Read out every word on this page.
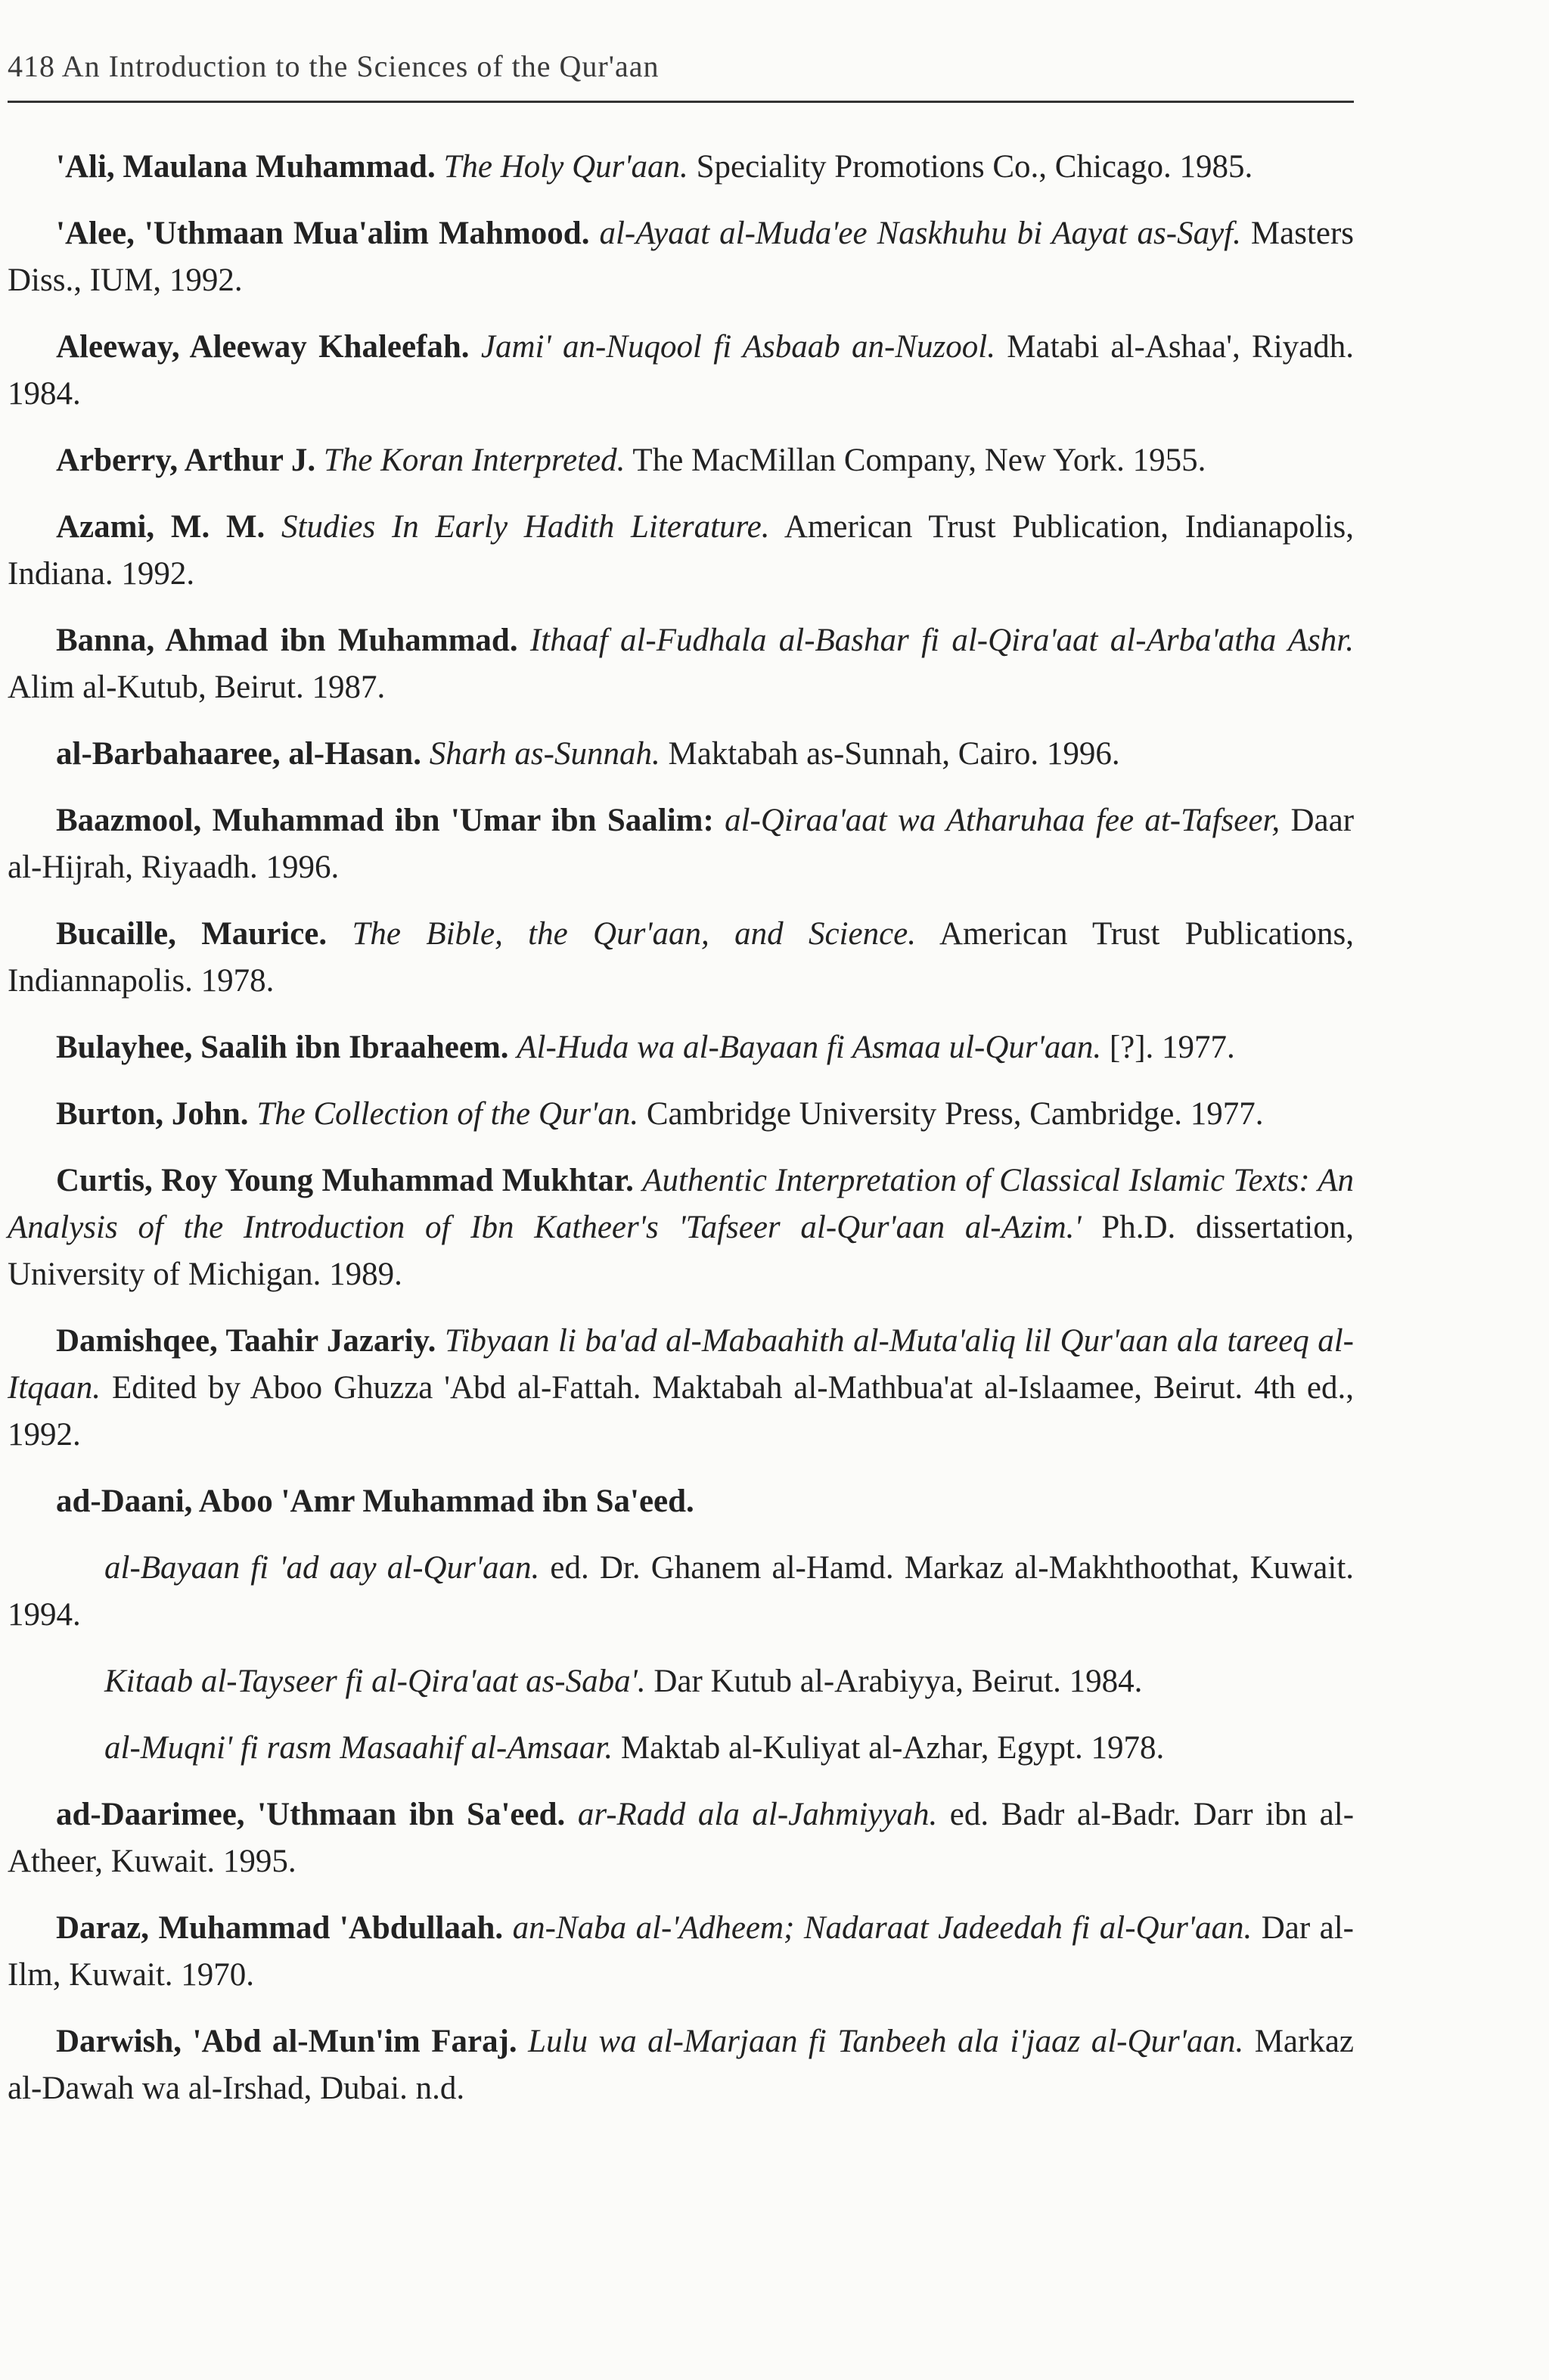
418 An Introduction to the Sciences of the Qur'aan

'Ali, Maulana Muhammad. The Holy Qur'aan. Speciality Promotions Co., Chicago. 1985.

'Alee, 'Uthmaan Mua'alim Mahmood. al-Ayaat al-Muda'ee Naskhuhu bi Aayat as-Sayf. Masters Diss., IUM, 1992.

Aleeway, Aleeway Khaleefah. Jami' an-Nuqool fi Asbaab an-Nuzool. Matabi al-Ashaa', Riyadh. 1984.

Arberry, Arthur J. The Koran Interpreted. The MacMillan Company, New York. 1955.

Azami, M. M. Studies In Early Hadith Literature. American Trust Publication, Indianapolis, Indiana. 1992.

Banna, Ahmad ibn Muhammad. Ithaaf al-Fudhala al-Bashar fi al-Qira'aat al-Arba'atha Ashr. Alim al-Kutub, Beirut. 1987.

al-Barbahaaree, al-Hasan. Sharh as-Sunnah. Maktabah as-Sunnah, Cairo. 1996.

Baazmool, Muhammad ibn 'Umar ibn Saalim: al-Qiraa'aat wa Atharuhaa fee at-Tafseer, Daar al-Hijrah, Riyaadh. 1996.

Bucaille, Maurice. The Bible, the Qur'aan, and Science. American Trust Publications, Indiannapolis. 1978.

Bulayhee, Saalih ibn Ibraaheem. Al-Huda wa al-Bayaan fi Asmaa ul-Qur'aan. [?]. 1977.

Burton, John. The Collection of the Qur'an. Cambridge University Press, Cambridge. 1977.

Curtis, Roy Young Muhammad Mukhtar. Authentic Interpretation of Classical Islamic Texts: An Analysis of the Introduction of Ibn Katheer's 'Tafseer al-Qur'aan al-Azim.' Ph.D. dissertation, University of Michigan. 1989.

Damishqee, Taahir Jazariy. Tibyaan li ba'ad al-Mabaahith al-Muta'aliq lil Qur'aan ala tareeq al-Itqaan. Edited by Aboo Ghuzza 'Abd al-Fattah. Maktabah al-Mathbua'at al-Islaamee, Beirut. 4th ed., 1992.

ad-Daani, Aboo 'Amr Muhammad ibn Sa'eed.

al-Bayaan fi 'ad aay al-Qur'aan. ed. Dr. Ghanem al-Hamd. Markaz al-Makhthoothat, Kuwait. 1994.

Kitaab al-Tayseer fi al-Qira'aat as-Saba'. Dar Kutub al-Arabiyya, Beirut. 1984.

al-Muqni' fi rasm Masaahif al-Amsaar. Maktab al-Kuliyat al-Azhar, Egypt. 1978.

ad-Daarimee, 'Uthmaan ibn Sa'eed. ar-Radd ala al-Jahmiyyah. ed. Badr al-Badr. Darr ibn al-Atheer, Kuwait. 1995.

Daraz, Muhammad 'Abdullaah. an-Naba al-'Adheem; Nadaraat Jadeedah fi al-Qur'aan. Dar al-Ilm, Kuwait. 1970.

Darwish, 'Abd al-Mun'im Faraj. Lulu wa al-Marjaan fi Tanbeeh ala i'jaaz al-Qur'aan. Markaz al-Dawah wa al-Irshad, Dubai. n.d.
